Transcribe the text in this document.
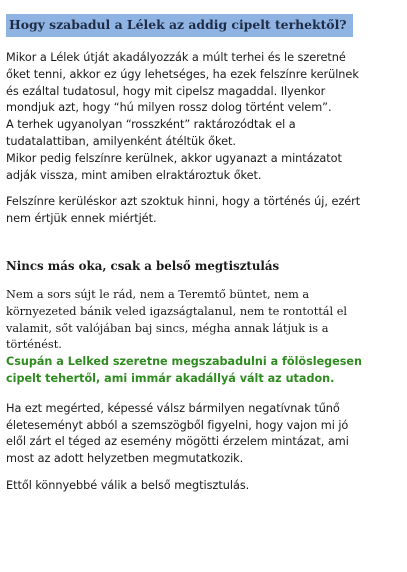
Hogy szabadul a Lélek az addig cipelt terhektől?

Mikor a Lélek útját akadályozzák a múlt terhei és le szeretné
őket tenni, akkor ez úgy lehetséges, ha ezek felszínre kerülnek
és ezáltal tudatosul, hogy mit cipelsz magaddal. Ilyenkor
mondjuk azt, hogy “hú milyen rossz dolog történt velem”.
A terhek ugyanolyan “rosszként” raktározódtak el a
tudatalattiban, amilyenként átéltük őket.
Mikor pedig felszínre kerülnek, akkor ugyanazt a mintázatot
adják vissza, mint amiben elraktároztuk őket.

Felszínre kerüléskor azt szoktuk hinni, hogy a történés új, ezért
nem értjük ennek miértjét.

Nincs más oka, csak a belső megtisztulás

Nem a sors sújt le rád, nem a Teremtő büntet, nem a
környezeted bánik veled igazságtalanul, nem te rontottál el
valamit, sőt valójában baj sincs, mégha annak látjuk is a
történést.

Csupán a Lelked szeretne megszabadulni a fölöslegesen
cipelt tehertől, ami immár akadállyá vált az utadon.

Ha ezt megérted, képessé válsz bármilyen negatívnak tűnő
életeseményt abból a szemszögből figyelni, hogy vajon mi jó
elől zárt el téged az esemény mögötti érzelem mintázat, ami
most az adott helyzetben megmutatkozik.

Ettől könnyebbé válik a belső megtisztulás.
